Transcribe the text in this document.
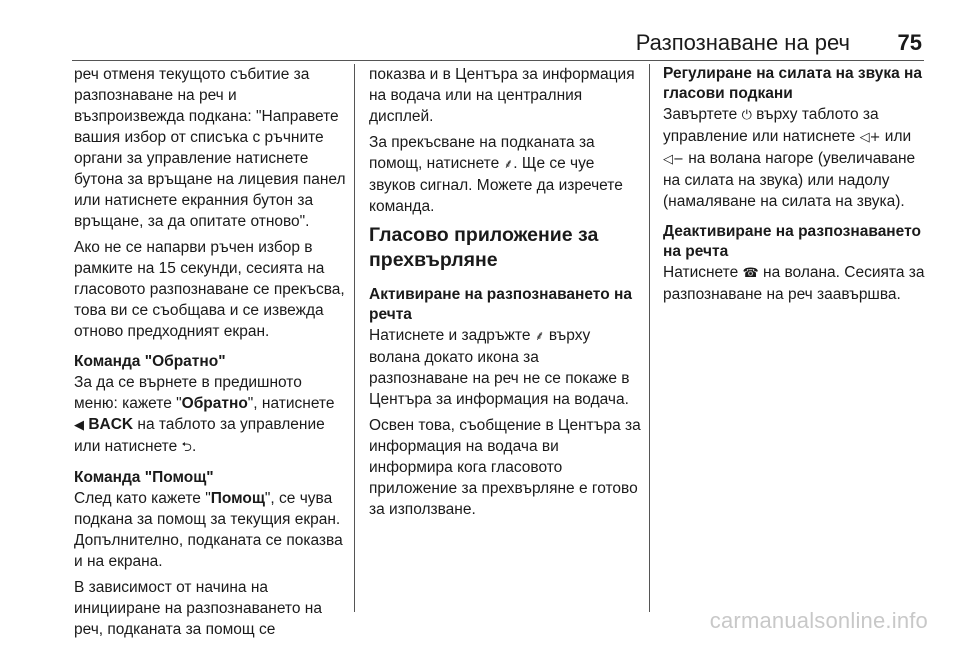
Разпознаване на реч 75

реч отменя текущото събитие за разпознаване на реч и възпроизвежда подкана: "Направете вашия избор от списъка с ръчните органи за управление натиснете бутона за връщане на лицевия панел или натиснете екранния бутон за връщане, за да опитате отново".

Ако не се напарви ръчен избор в рамките на 15 секунди, сесията на гласовото разпознаване се прекъсва, това ви се съобщава и се извежда отново предходният екран.

Команда "Обратно"

За да се върнете в предишното меню: кажете "Обратно", натиснете ◀ BACK на таблото за управление или натиснете ⮌.

Команда "Помощ"

След като кажете "Помощ", се чува подкана за помощ за текущия екран. Допълнително, подканата се показва и на екрана.

В зависимост от начина на иницииране на разпознаването на реч, подканата за помощ се

показва и в Центъра за информация на водача или на централния дисплей.

За прекъсване на подканата за помощ, натиснете ⸙. Ще се чуе звуков сигнал. Можете да изречете команда.

Гласово приложение за прехвърляне

Активиране на разпознаването на речта

Натиснете и задръжте ⸙ върху волана докато икона за разпознаване на реч не се покаже в Центъра за информация на водача.

Освен това, съобщение в Центъра за информация на водача ви информира кога гласовото приложение за прехвърляне е готово за използване.

Регулиране на силата на звука на гласови подкани

Завъртете ⏻ върху таблото за управление или натиснете ◁+ или ◁− на волана нагоре (увеличаване на силата на звука) или надолу (намаляване на силата на звука).

Деактивиране на разпознаването на речта

Натиснете ☎ на волана. Сесията за разпознаване на реч заавършва.

carmanualsonline.info
